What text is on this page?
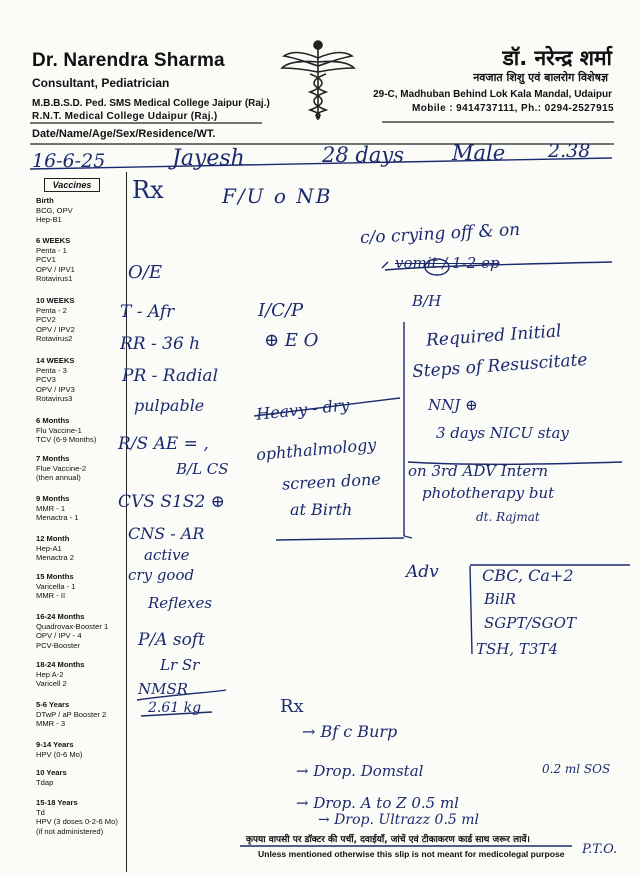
Dr. Narendra Sharma
Consultant, Pediatrician
M.B.B.S.D. Ped. SMS Medical College Jaipur (Raj.)
R.N.T. Medical College Udaipur (Raj.)
डॉ. नरेन्द्र शर्मा
नवजात शिशु एवं बालरोग विशेषज्ञ
29-C, Madhuban Behind Lok Kala Mandal, Udaipur
Mobile : 9414737111, Ph.: 0294-2527915
Date/Name/Age/Sex/Residence/WT.
16-6-25	Jayesh	28 days Male 2.38
Vaccines
Birth
BCG, OPV
Hep-B1
6 WEEKS
Penta - 1
PCV1
OPV / IPV1
Rotavirus1
10 WEEKS
Penta - 2
PCV2
OPV / IPV2
Rotavirus2
14 WEEKS
Penta - 3
PCV3
OPV / IPV3
Rotavirus3
6 Months
Flu Vaccine-1
TCV (6-9 Months)
7 Months
Flue Vaccine-2
(then annual)
9 Months
MMR - 1
Menactra - 1
12 Month
Hep-A1
Menactra 2
15 Months
Varicella - 1
MMR - II
16-24 Months
Quadrovax-Booster 1
OPV / IPV - 4
PCV-Booster
18-24 Months
Hep A-2
Varicell 2
5-6 Years
DTwP / aP Booster 2
MMR - 3
9-14 Years
HPV (0-6 Mo)
10 Years
Tdap
15-18 Years
Td
HPV (3 doses 0-2-6 Mo)
(if not administered)
Rx	F/U o NB
c/o crying off & on
vomit / 1-2 ep
O/E
T - Afr
RR - 36 h
PR - Radial
pulpable
R/S AE = ,
B/L CS
CVS S1S2 ⊕
CNS - AR
active
cry good
Reflexes
P/A soft
Lr Sr
NMSR
2.61 kg
I/C/P
⊕ E O
Heavy - dry
ophthalmology
screen done
at Birth
B/H
Required Initial
Steps of Resuscitate
NNJ ⊕
3 days NICU stay
on 3rd ADV Intern
phototherapy but
dt. Rajmat
Adv	CBC, Ca+2
BilR
SGPT/SGOT
TSH, T3T4
Rx
→ Bf c Burp
→ Drop. Domstal	0.2 ml SOS
→ Drop. A to Z 0.5 ml
→ Drop. Ultrazz 0.5 ml
P.T.O.
कृपया वापसी पर डॉक्टर की पर्ची, दवाईयाँ, जांचें एवं टीकाकरण कार्ड साथ जरूर लावें।
Unless mentioned otherwise this slip is not meant for medicolegal purpose
